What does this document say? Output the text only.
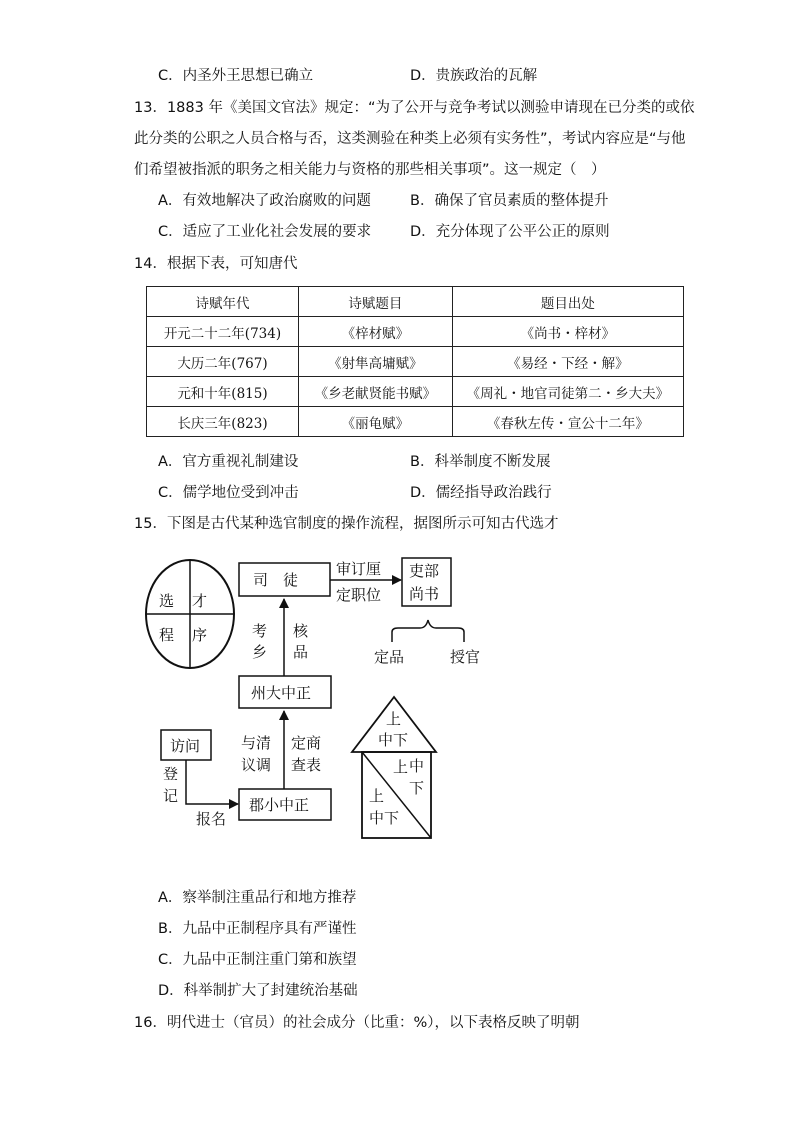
C．内圣外王思想已确立	D．贵族政治的瓦解
13．1883 年《美国文官法》规定：“为了公开与竞争考试以测验申请现在已分类的或依
此分类的公职之人员合格与否，这类测验在种类上必须有实务性”，考试内容应是“与他
们希望被指派的职务之相关能力与资格的那些相关事项”。这一规定（　）
A．有效地解决了政治腐败的问题	B．确保了官员素质的整体提升
C．适应了工业化社会发展的要求	D．充分体现了公平公正的原则
14．根据下表，可知唐代
诗赋年代	诗赋题目	题目出处
开元二十二年(734)	《梓材赋》	《尚书・梓材》
大历二年(767)	《射隼高墉赋》	《易经・下经・解》
元和十年(815)	《乡老献贤能书赋》	《周礼・地官司徒第二・乡大夫》
长庆三年(823)	《丽龟赋》	《春秋左传・宣公十二年》
A．官方重视礼制建设	B．科举制度不断发展
C．儒学地位受到冲击	D．儒经指导政治践行
15．下图是古代某种选官制度的操作流程，据图所示可知古代选才
选 才
程 序
司　徒
审订厘
定职位
吏部
尚书
定品	授官
考
乡
核
品
州大中正
与清
议调
定商
查表
访问
登
记
报名
郡小中正
上
中下
上 中
下
上
中下
A．察举制注重品行和地方推荐
B．九品中正制程序具有严谨性
C．九品中正制注重门第和族望
D．科举制扩大了封建统治基础
16．明代进士（官员）的社会成分（比重：%），以下表格反映了明朝
